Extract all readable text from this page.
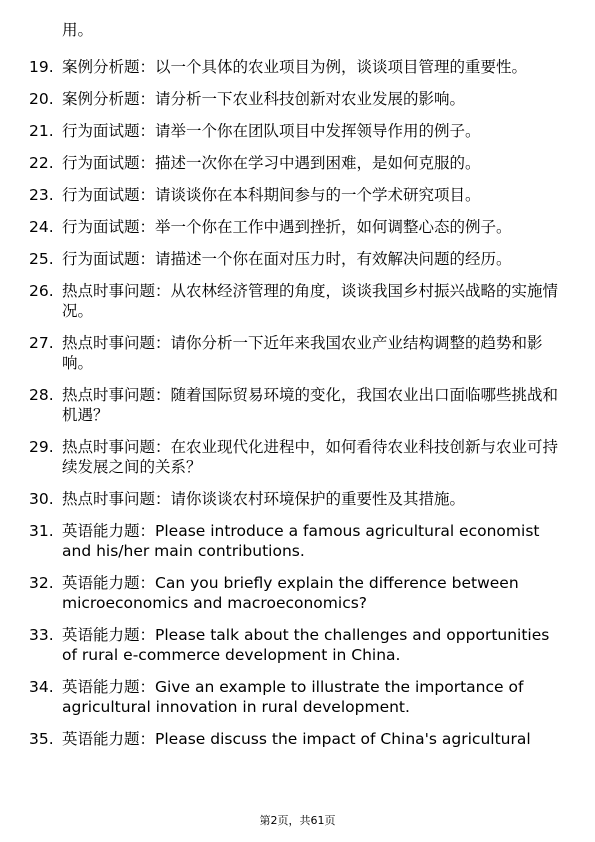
用。

19. 案例分析题：以一个具体的农业项目为例，谈谈项目管理的重要性。
20. 案例分析题：请分析一下农业科技创新对农业发展的影响。
21. 行为面试题：请举一个你在团队项目中发挥领导作用的例子。
22. 行为面试题：描述一次你在学习中遇到困难，是如何克服的。
23. 行为面试题：请谈谈你在本科期间参与的一个学术研究项目。
24. 行为面试题：举一个你在工作中遇到挫折，如何调整心态的例子。
25. 行为面试题：请描述一个你在面对压力时，有效解决问题的经历。
26. 热点时事问题：从农林经济管理的角度，谈谈我国乡村振兴战略的实施情况。
27. 热点时事问题：请你分析一下近年来我国农业产业结构调整的趋势和影响。
28. 热点时事问题：随着国际贸易环境的变化，我国农业出口面临哪些挑战和机遇？
29. 热点时事问题：在农业现代化进程中，如何看待农业科技创新与农业可持续发展之间的关系？
30. 热点时事问题：请你谈谈农村环境保护的重要性及其措施。
31. 英语能力题：Please introduce a famous agricultural economist and his/her main contributions.
32. 英语能力题：Can you briefly explain the difference between microeconomics and macroeconomics?
33. 英语能力题：Please talk about the challenges and opportunities of rural e-commerce development in China.
34. 英语能力题：Give an example to illustrate the importance of agricultural innovation in rural development.
35. 英语能力题：Please discuss the impact of China's agricultural
第2页，共61页
